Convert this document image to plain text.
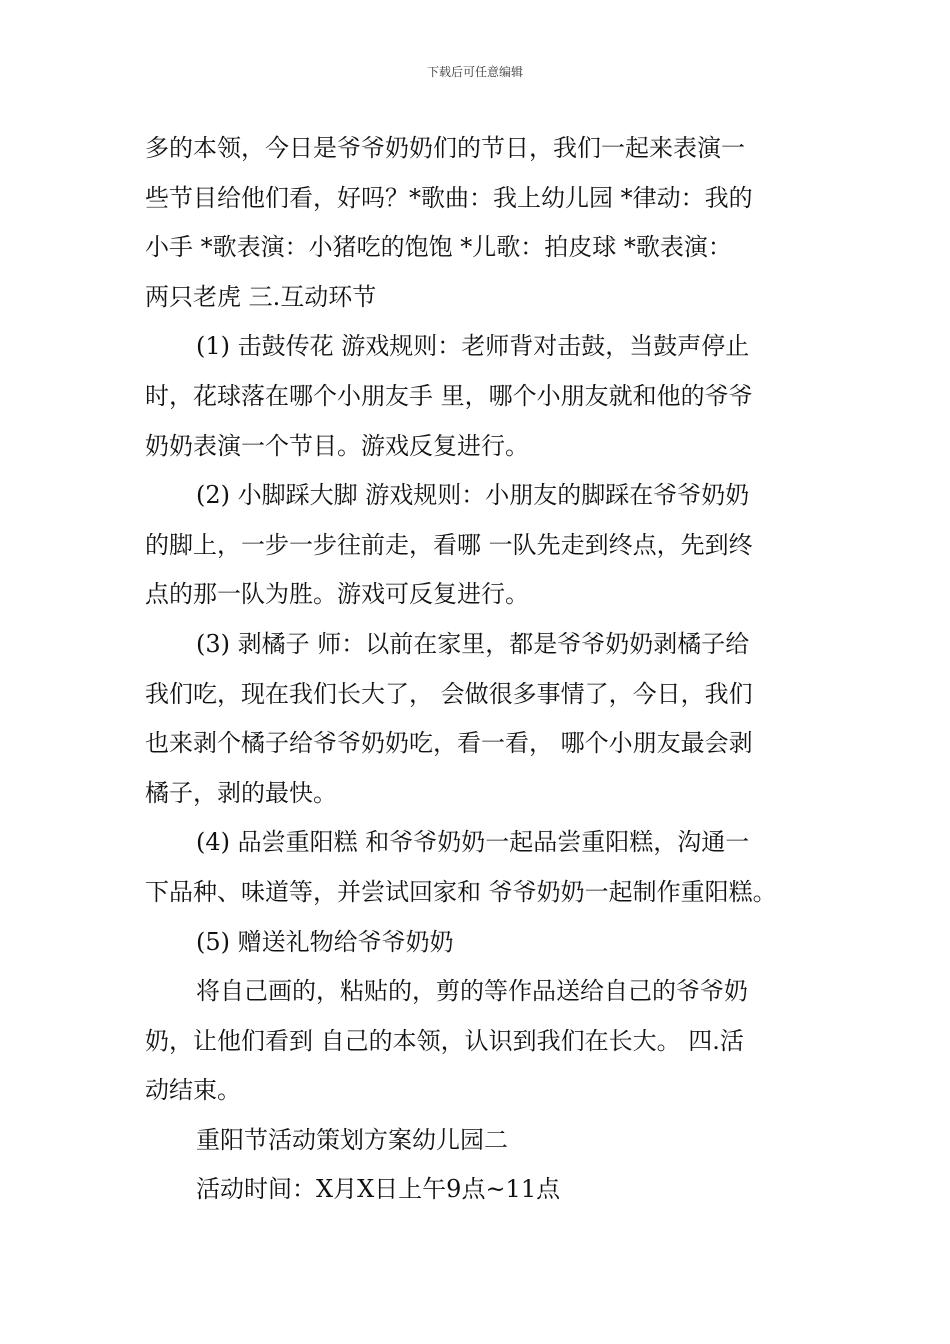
下载后可任意编辑
多的本领，今日是爷爷奶奶们的节日，我们一起来表演一
些节目给他们看，好吗？*歌曲：我上幼儿园 *律动：我的
小手 *歌表演：小猪吃的饱饱 *儿歌：拍皮球 *歌表演：
两只老虎 三.互动环节
(1) 击鼓传花 游戏规则：老师背对击鼓，当鼓声停止
时，花球落在哪个小朋友手 里，哪个小朋友就和他的爷爷
奶奶表演一个节目。游戏反复进行。
(2) 小脚踩大脚 游戏规则：小朋友的脚踩在爷爷奶奶
的脚上，一步一步往前走，看哪 一队先走到终点，先到终
点的那一队为胜。游戏可反复进行。
(3) 剥橘子 师：以前在家里，都是爷爷奶奶剥橘子给
我们吃，现在我们长大了， 会做很多事情了，今日，我们
也来剥个橘子给爷爷奶奶吃，看一看， 哪个小朋友最会剥
橘子，剥的最快。
(4) 品尝重阳糕 和爷爷奶奶一起品尝重阳糕，沟通一
下品种、味道等，并尝试回家和 爷爷奶奶一起制作重阳糕。
(5) 赠送礼物给爷爷奶奶
将自己画的，粘贴的，剪的等作品送给自己的爷爷奶
奶，让他们看到 自己的本领，认识到我们在长大。 四.活
动结束。
重阳节活动策划方案幼儿园二
活动时间：X月X日上午9点~11点
